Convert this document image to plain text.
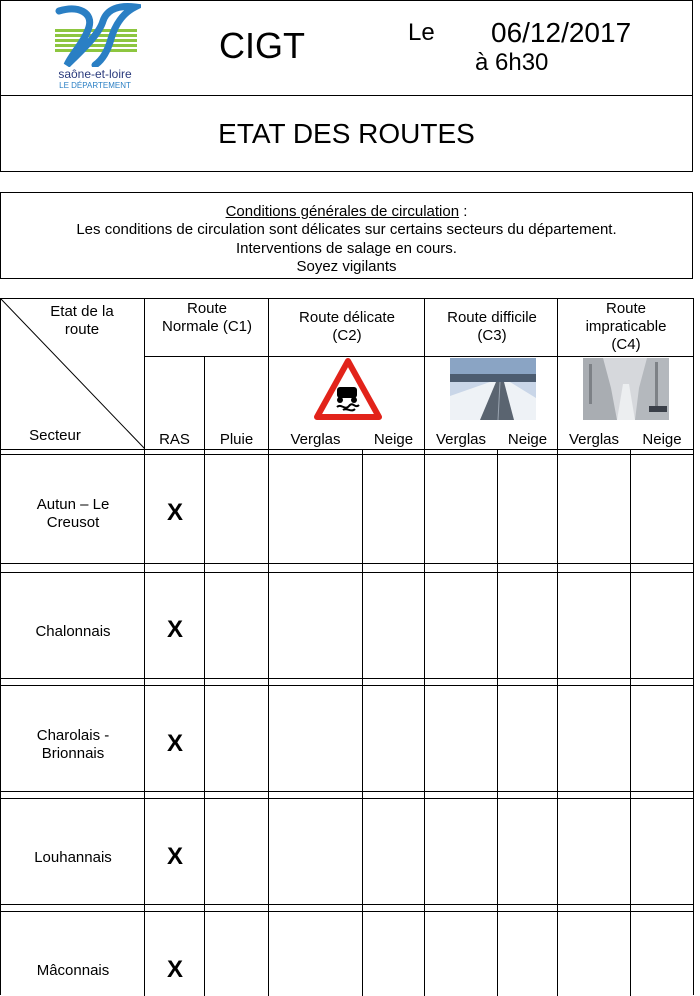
saône-et-loire
LE DÉPARTEMENT
CIGT	Le 06/12/2017
à 6h30
ETAT DES ROUTES
Conditions générales de circulation :
Les conditions de circulation sont délicates sur certains secteurs du département.
Interventions de salage en cours.
Soyez vigilants
Etat de la route
Secteur
Route Normale (C1)
Route délicate (C2)
Route difficile (C3)
Route impraticable (C4)
RAS	Pluie	Verglas	Neige	Verglas	Neige	Verglas	Neige
Autun – Le Creusot	X
Chalonnais	X
Charolais - Brionnais	X
Louhannais	X
Mâconnais	X
